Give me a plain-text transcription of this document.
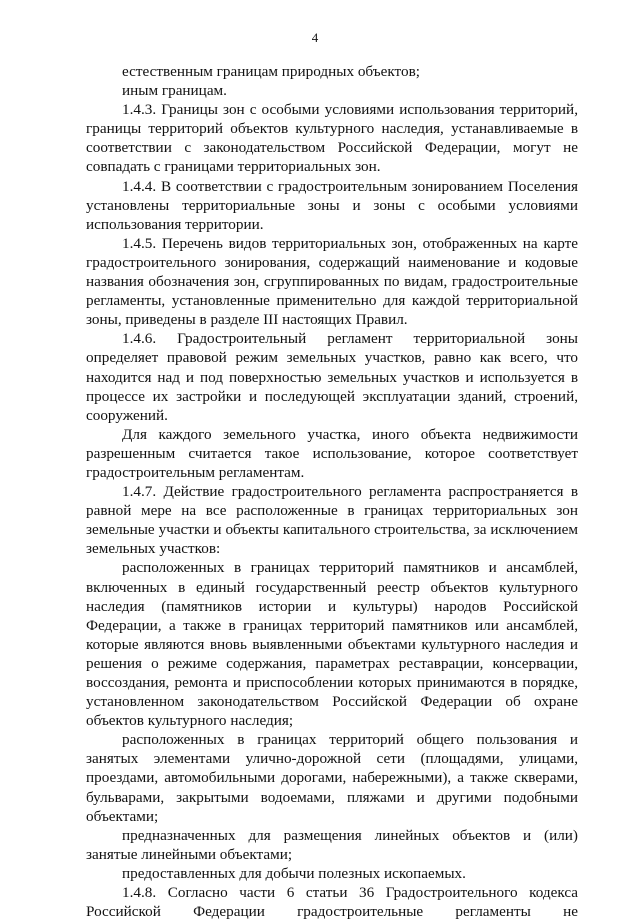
4

естественным границам природных объектов;

иным границам.

1.4.3. Границы зон с особыми условиями использования территорий, границы территорий объектов культурного наследия, устанавливаемые в соответствии с законодательством Российской Федерации, могут не совпадать с границами территориальных зон.

1.4.4. В соответствии с градостроительным зонированием Поселения установлены территориальные зоны и зоны с особыми условиями использования территории.

1.4.5. Перечень видов территориальных зон, отображенных на карте градостроительного зонирования, содержащий наименование и кодовые названия обозначения зон, сгруппированных по видам, градостроительные регламенты, установленные применительно для каждой территориальной зоны, приведены в разделе III настоящих Правил.

1.4.6. Градостроительный регламент территориальной зоны определяет правовой режим земельных участков, равно как всего, что находится над и под поверхностью земельных участков и используется в процессе их застройки и последующей эксплуатации зданий, строений, сооружений.

Для каждого земельного участка, иного объекта недвижимости разрешенным считается такое использование, которое соответствует градостроительным регламентам.

1.4.7. Действие градостроительного регламента распространяется в равной мере на все расположенные в границах территориальных зон земельные участки и объекты капитального строительства, за исключением земельных участков:

расположенных в границах территорий памятников и ансамблей, включенных в единый государственный реестр объектов культурного наследия (памятников истории и культуры) народов Российской Федерации, а также в границах территорий памятников или ансамблей, которые являются вновь выявленными объектами культурного наследия и решения о режиме содержания, параметрах реставрации, консервации, воссоздания, ремонта и приспособлении которых принимаются в порядке, установленном законодательством Российской Федерации об охране объектов культурного наследия;

расположенных в границах территорий общего пользования и занятых элементами улично-дорожной сети (площадями, улицами, проездами, автомобильными дорогами, набережными), а также скверами, бульварами, закрытыми водоемами, пляжами и другими подобными объектами;

предназначенных для размещения линейных объектов и (или) занятые линейными объектами;

предоставленных для добычи полезных ископаемых.

1.4.8. Согласно части 6 статьи 36 Градостроительного кодекса Российской Федерации градостроительные регламенты не
